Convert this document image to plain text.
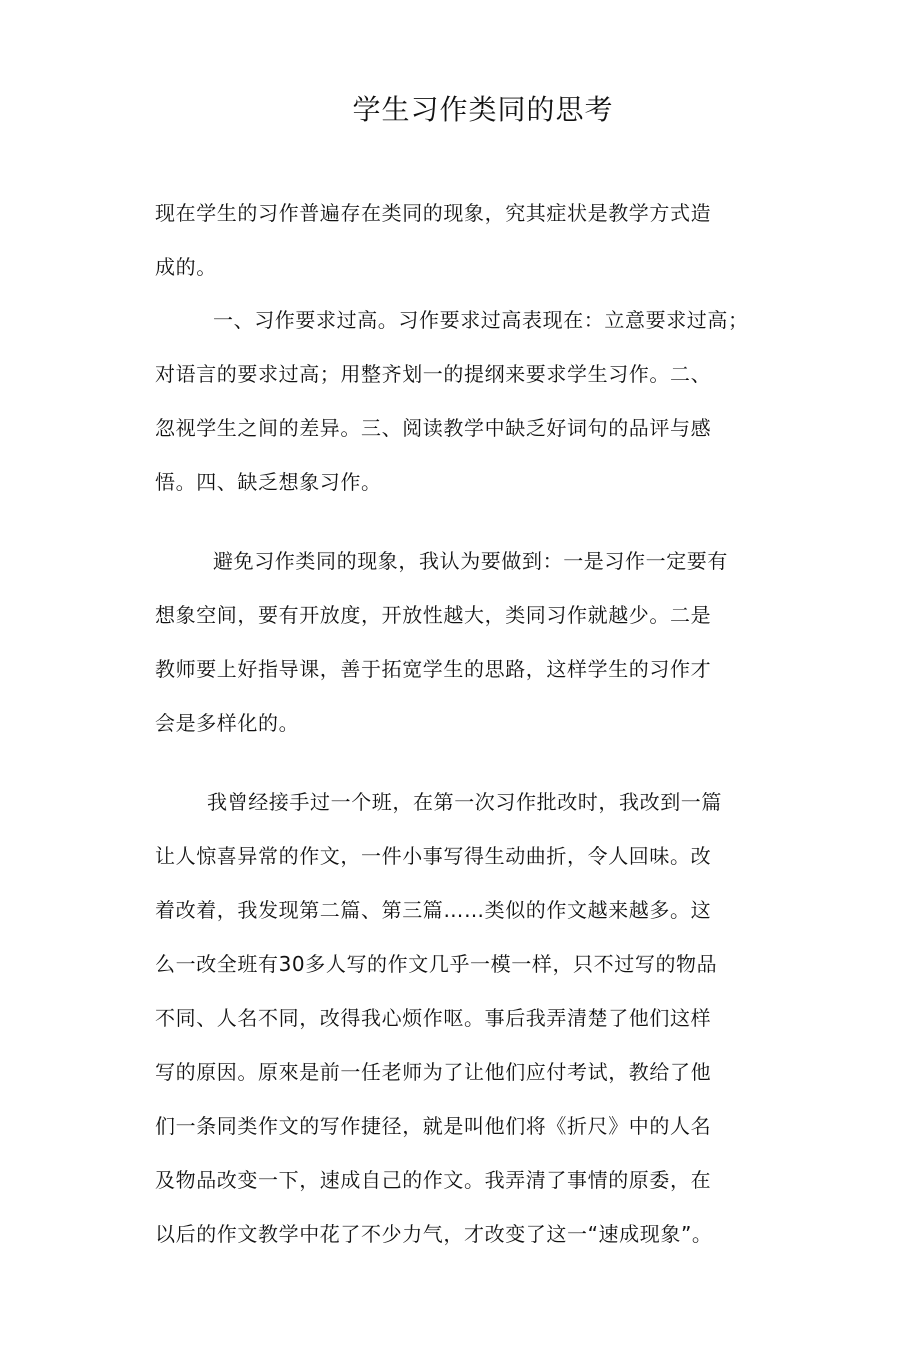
学生习作类同的思考

现在学生的习作普遍存在类同的现象，究其症状是教学方式造
成的。

一、习作要求过高。习作要求过高表现在：立意要求过高；
对语言的要求过高；用整齐划一的提纲来要求学生习作。二、
忽视学生之间的差异。三、阅读教学中缺乏好词句的品评与感
悟。四、缺乏想象习作。

避免习作类同的现象，我认为要做到：一是习作一定要有
想象空间，要有开放度，开放性越大，类同习作就越少。二是
教师要上好指导课，善于拓宽学生的思路，这样学生的习作才
会是多样化的。

我曾经接手过一个班，在第一次习作批改时，我改到一篇
让人惊喜异常的作文，一件小事写得生动曲折，令人回味。改
着改着，我发现第二篇、第三篇……类似的作文越来越多。这
么一改全班有30多人写的作文几乎一模一样，只不过写的物品
不同、人名不同，改得我心烦作呕。事后我弄清楚了他们这样
写的原因。原來是前一任老师为了让他们应付考试，教给了他
们一条同类作文的写作捷径，就是叫他们将《折尺》中的人名
及物品改变一下，速成自己的作文。我弄清了事情的原委，在
以后的作文教学中花了不少力气，才改变了这一“速成现象”。
